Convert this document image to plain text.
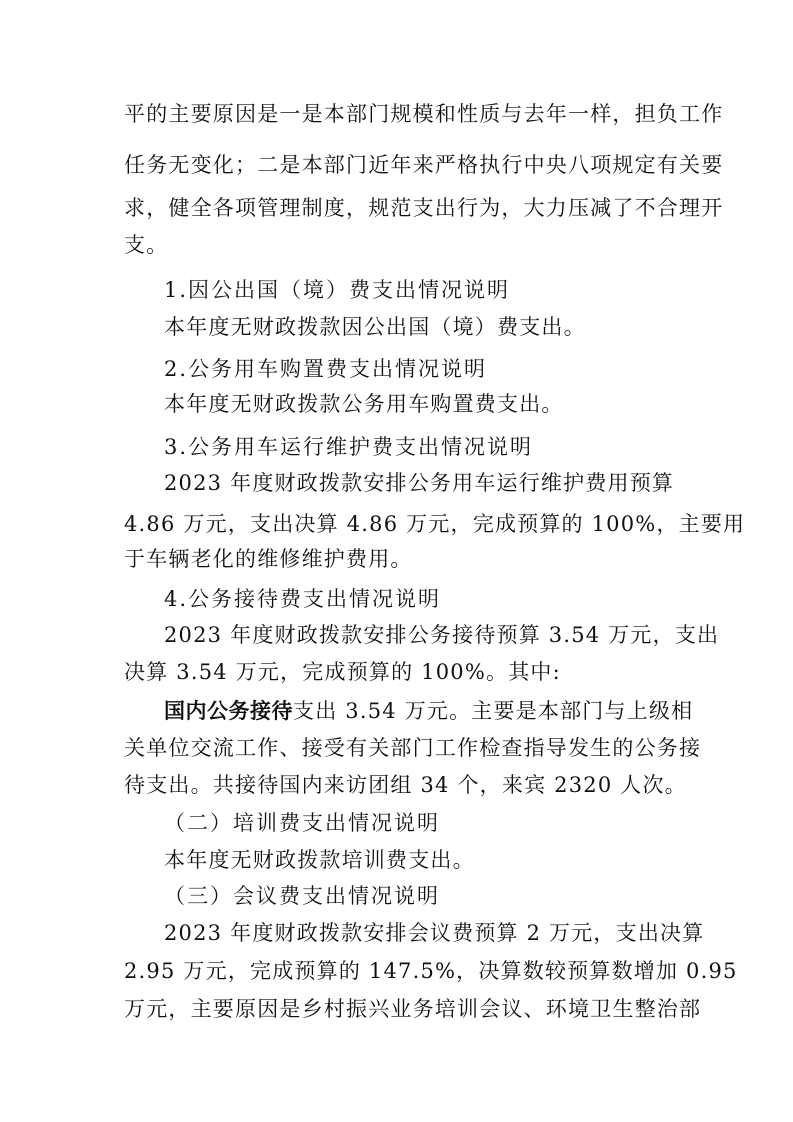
平的主要原因是一是本部门规模和性质与去年一样，担负工作
任务无变化；二是本部门近年来严格执行中央八项规定有关要
求，健全各项管理制度，规范支出行为，大力压减了不合理开
支。
1.因公出国（境）费支出情况说明
本年度无财政拨款因公出国（境）费支出。
2.公务用车购置费支出情况说明
本年度无财政拨款公务用车购置费支出。
3.公务用车运行维护费支出情况说明
2023 年度财政拨款安排公务用车运行维护费用预算
4.86 万元，支出决算 4.86 万元，完成预算的 100%，主要用
于车辆老化的维修维护费用。
4.公务接待费支出情况说明
2023 年度财政拨款安排公务接待预算 3.54 万元，支出
决算 3.54 万元，完成预算的 100%。其中:
国内公务接待支出 3.54 万元。主要是本部门与上级相
关单位交流工作、接受有关部门工作检查指导发生的公务接
待支出。共接待国内来访团组 34 个，来宾 2320 人次。
（二）培训费支出情况说明
本年度无财政拨款培训费支出。
（三）会议费支出情况说明
2023 年度财政拨款安排会议费预算 2 万元，支出决算
2.95 万元，完成预算的 147.5%，决算数较预算数增加 0.95
万元，主要原因是乡村振兴业务培训会议、环境卫生整治部
